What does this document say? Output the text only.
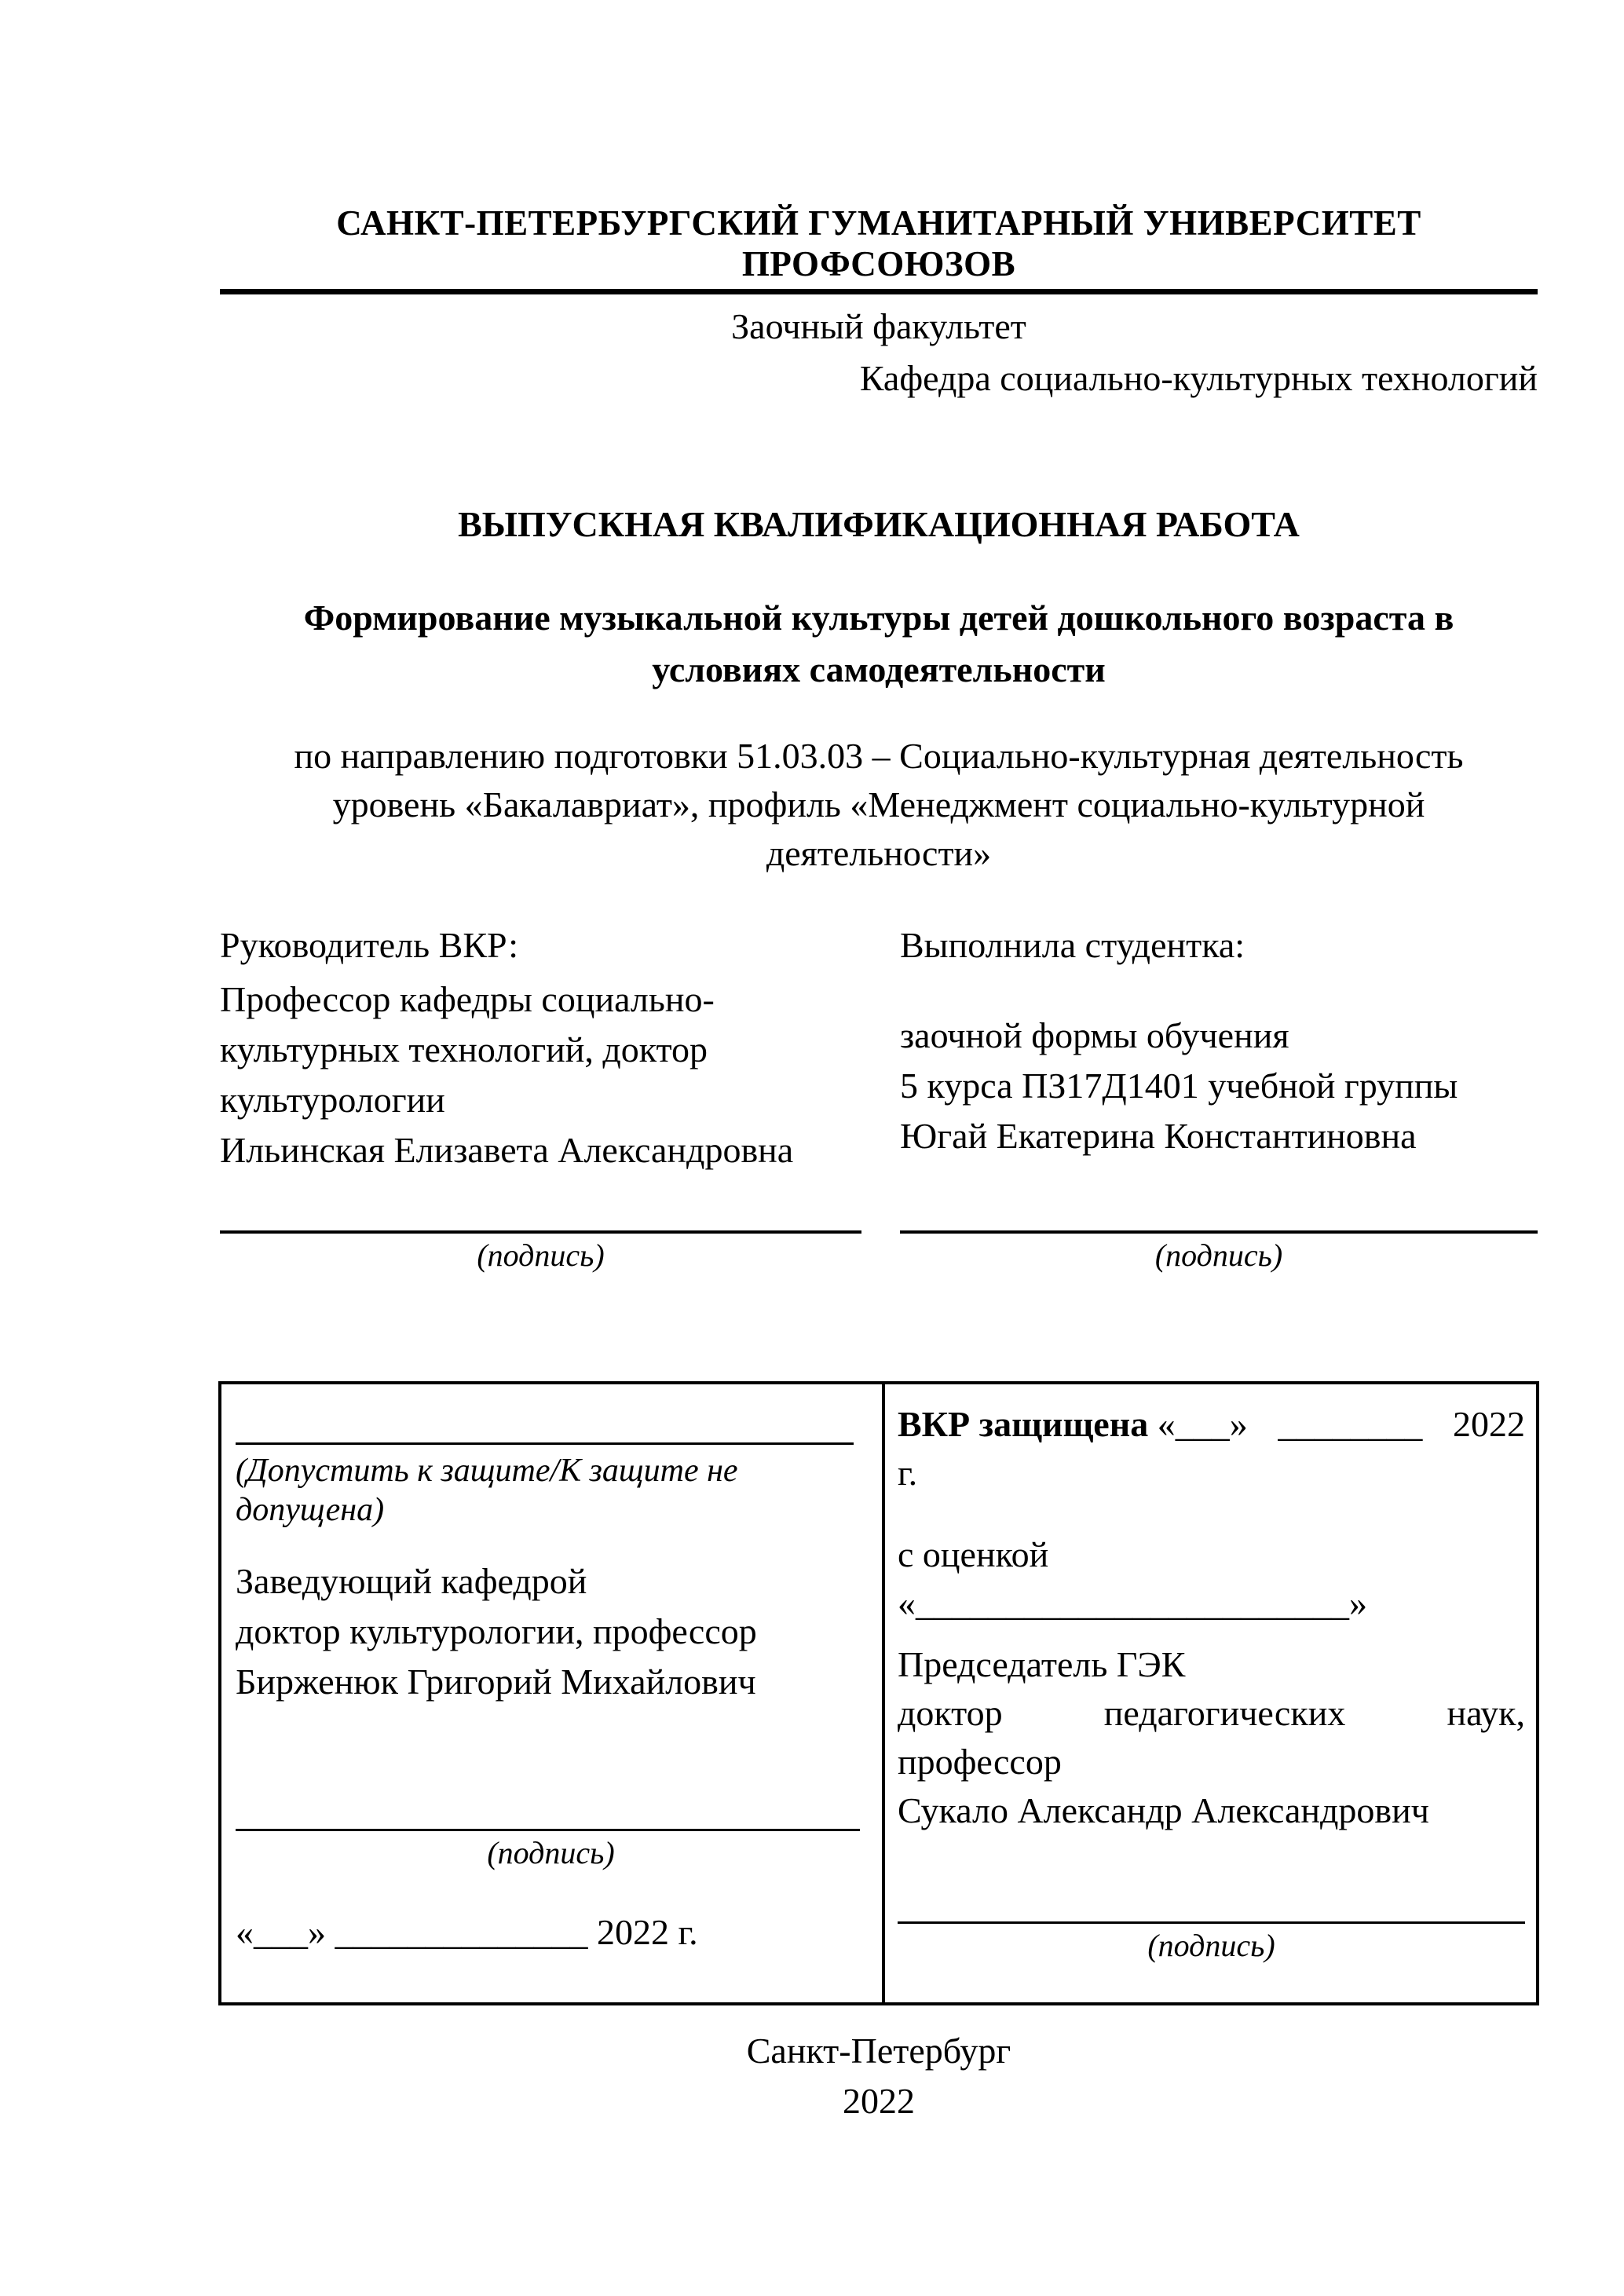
САНКТ-ПЕТЕРБУРГСКИЙ ГУМАНИТАРНЫЙ УНИВЕРСИТЕТ ПРОФСОЮЗОВ
Заочный факультет
Кафедра социально-культурных технологий
ВЫПУСКНАЯ КВАЛИФИКАЦИОННАЯ РАБОТА
Формирование музыкальной культуры детей дошкольного возраста в
условиях самодеятельности
по направлению подготовки 51.03.03 – Социально-культурная деятельность
уровень «Бакалавриат», профиль «Менеджмент социально-культурной
деятельности»
Руководитель ВКР:
Профессор кафедры социально-
культурных технологий, доктор
культурологии
Ильинская Елизавета Александровна
Выполнила студентка:
заочной формы обучения
5 курса ПЗ17Д1401 учебной группы
Югай Екатерина Константиновна
(подпись)	(подпись)
(Допустить к защите/К защите не допущена)
Заведующий кафедрой
доктор культурологии, профессор
Бирженюк Григорий Михайлович
(подпись)
«___» ______________ 2022 г.
ВКР защищена «___» ________ 2022
г.
с оценкой
«________________________»
Председатель ГЭК
доктор	педагогических	наук,
профессор
Сукало Александр Александрович
(подпись)
Санкт-Петербург
2022
